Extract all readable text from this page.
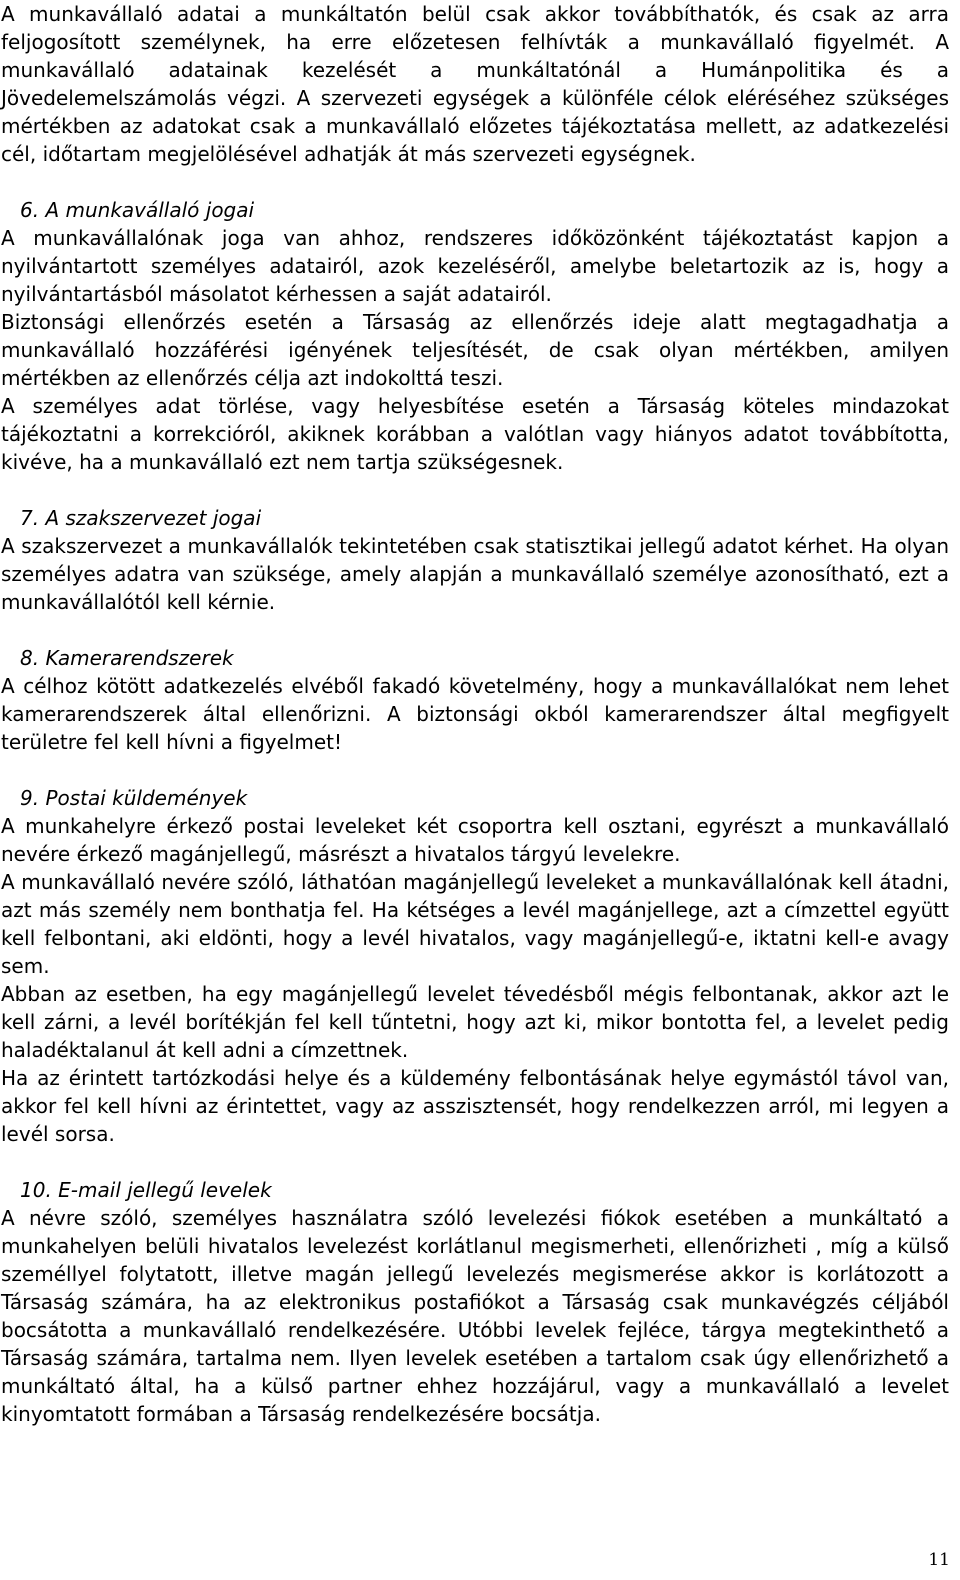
A munkavállaló adatai a munkáltatón belül csak akkor továbbíthatók, és csak az arra feljogosított személynek, ha erre előzetesen felhívták a munkavállaló figyelmét. A munkavállaló adatainak kezelését a munkáltatónál a Humánpolitika és a Jövedelemelszámolás végzi. A szervezeti egységek a különféle célok eléréséhez szükséges mértékben az adatokat csak a munkavállaló előzetes tájékoztatása mellett, az adatkezelési cél, időtartam megjelölésével adhatják át más szervezeti egységnek.

6. A munkavállaló jogai

A munkavállalónak joga van ahhoz, rendszeres időközönként tájékoztatást kapjon a nyilvántartott személyes adatairól, azok kezeléséről, amelybe beletartozik az is, hogy a nyilvántartásból másolatot kérhessen a saját adatairól.

Biztonsági ellenőrzés esetén a Társaság az ellenőrzés ideje alatt megtagadhatja a munkavállaló hozzáférési igényének teljesítését, de csak olyan mértékben, amilyen mértékben az ellenőrzés célja azt indokolttá teszi.

A személyes adat törlése, vagy helyesbítése esetén a Társaság köteles mindazokat tájékoztatni a korrekcióról, akiknek korábban a valótlan vagy hiányos adatot továbbította, kivéve, ha a munkavállaló ezt nem tartja szükségesnek.

7. A szakszervezet jogai

A szakszervezet a munkavállalók tekintetében csak statisztikai jellegű adatot kérhet. Ha olyan személyes adatra van szüksége, amely alapján a munkavállaló személye azonosítható, ezt a munkavállalótól kell kérnie.

8. Kamerarendszerek

A célhoz kötött adatkezelés elvéből fakadó követelmény, hogy a munkavállalókat nem lehet kamerarendszerek által ellenőrizni. A biztonsági okból kamerarendszer által megfigyelt területre fel kell hívni a figyelmet!

9. Postai küldemények

A munkahelyre érkező postai leveleket két csoportra kell osztani, egyrészt a munkavállaló nevére érkező magánjellegű, másrészt a hivatalos tárgyú levelekre.

A munkavállaló nevére szóló, láthatóan magánjellegű leveleket a munkavállalónak kell átadni, azt más személy nem bonthatja fel. Ha kétséges a levél magánjellege, azt a címzettel együtt kell felbontani, aki eldönti, hogy a levél hivatalos, vagy magánjellegű-e, iktatni kell-e avagy sem.

Abban az esetben, ha egy magánjellegű levelet tévedésből mégis felbontanak, akkor azt le kell zárni, a levél borítékján fel kell tűntetni, hogy azt ki, mikor bontotta fel, a levelet pedig haladéktalanul át kell adni a címzettnek.

Ha az érintett tartózkodási helye és a küldemény felbontásának helye egymástól távol van, akkor fel kell hívni az érintettet, vagy az asszisztensét, hogy rendelkezzen arról, mi legyen a levél sorsa.

10. E-mail jellegű levelek

A névre szóló, személyes használatra szóló levelezési fiókok esetében a munkáltató a munkahelyen belüli hivatalos levelezést korlátlanul megismerheti, ellenőrizheti , míg a külső személlyel folytatott, illetve magán jellegű levelezés megismerése akkor is korlátozott a Társaság számára, ha az elektronikus postafiókot a Társaság csak munkavégzés céljából bocsátotta a munkavállaló rendelkezésére. Utóbbi levelek fejléce, tárgya megtekinthető a Társaság számára, tartalma nem. Ilyen levelek esetében a tartalom csak úgy ellenőrizhető a munkáltató által, ha a külső partner ehhez hozzájárul, vagy a munkavállaló a levelet kinyomtatott formában a Társaság rendelkezésére bocsátja.

11
